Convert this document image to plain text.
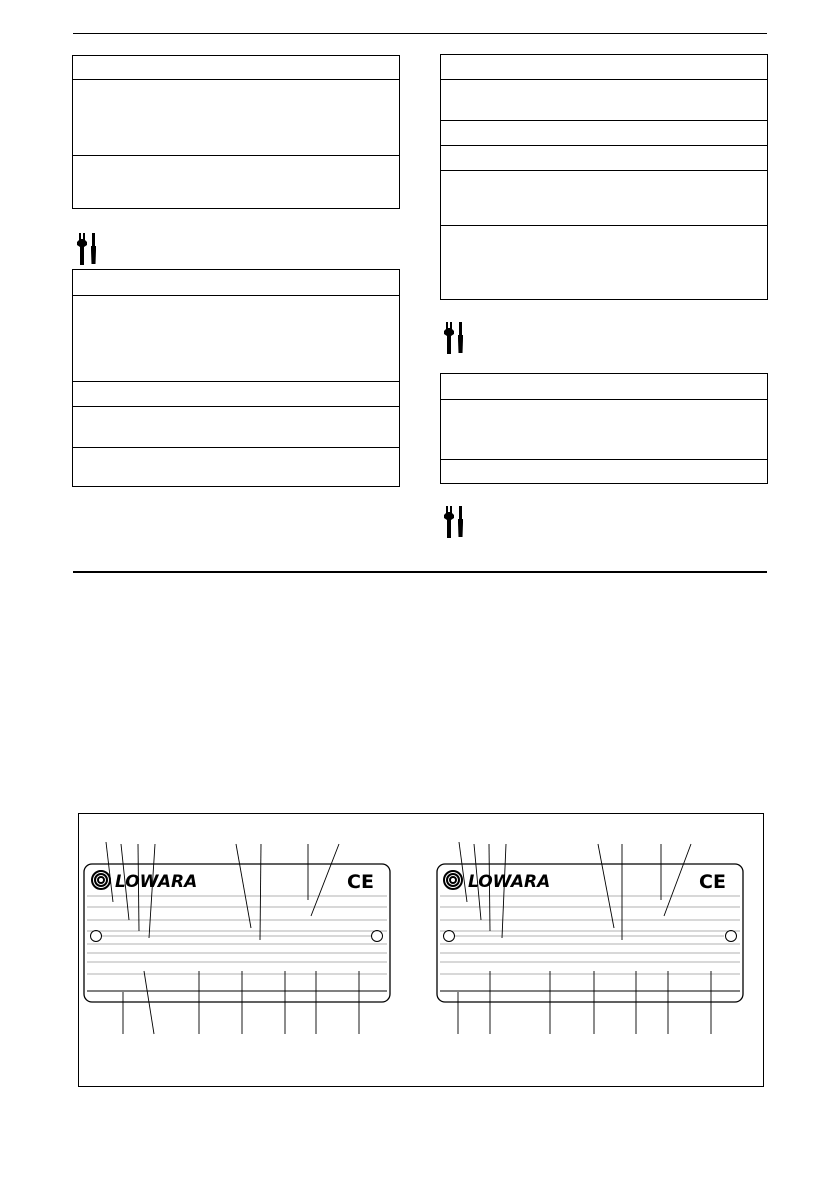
LOWARA	CE	LOWARA	CE
